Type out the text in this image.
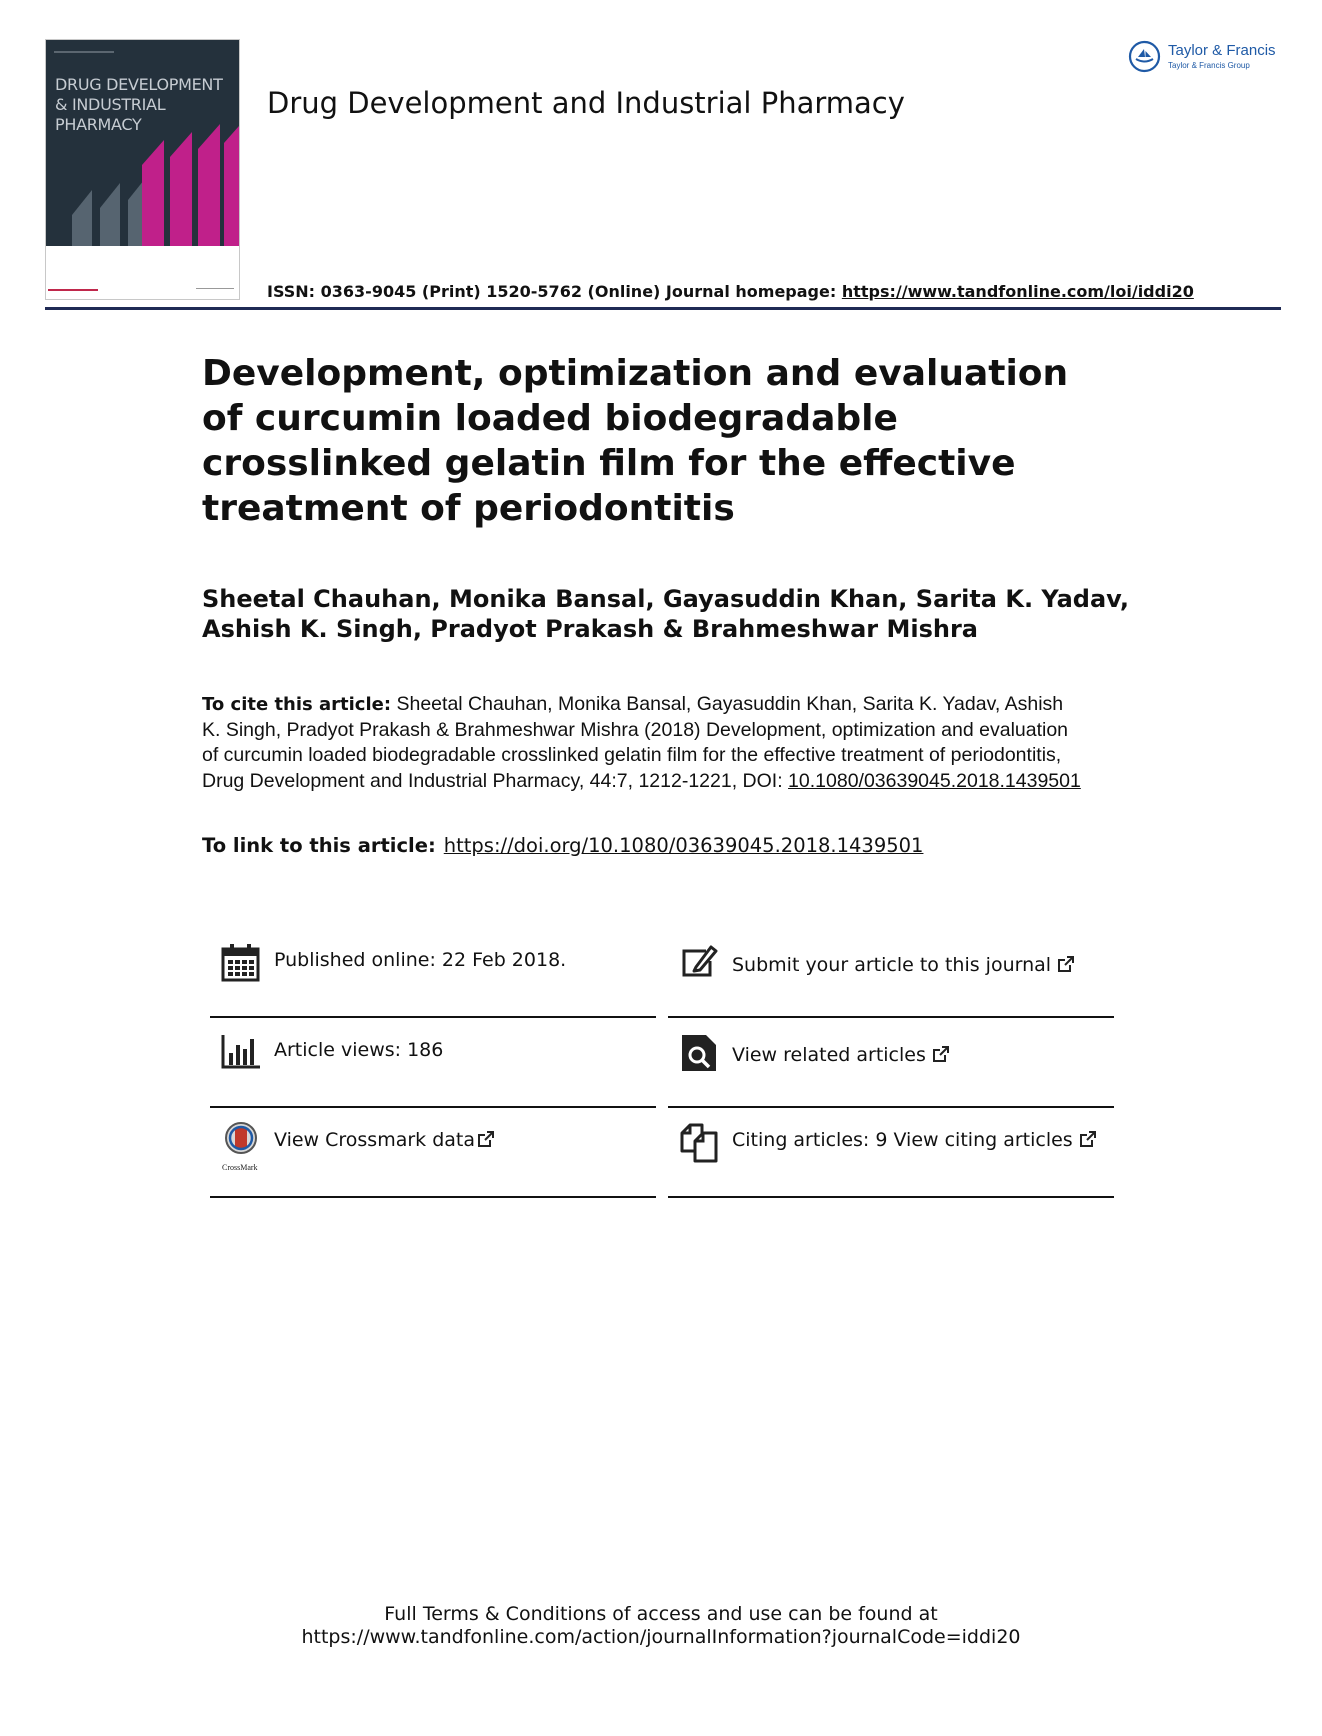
DRUG DEVELOPMENT
& INDUSTRIAL
PHARMACY
Drug Development and Industrial Pharmacy
Taylor & Francis
Taylor & Francis Group
ISSN: 0363-9045 (Print) 1520-5762 (Online) Journal homepage: https://www.tandfonline.com/loi/iddi20
Development, optimization and evaluation of curcumin loaded biodegradable crosslinked gelatin film for the effective treatment of periodontitis
Sheetal Chauhan, Monika Bansal, Gayasuddin Khan, Sarita K. Yadav, Ashish K. Singh, Pradyot Prakash & Brahmeshwar Mishra
To cite this article: Sheetal Chauhan, Monika Bansal, Gayasuddin Khan, Sarita K. Yadav, Ashish K. Singh, Pradyot Prakash & Brahmeshwar Mishra (2018) Development, optimization and evaluation of curcumin loaded biodegradable crosslinked gelatin film for the effective treatment of periodontitis, Drug Development and Industrial Pharmacy, 44:7, 1212-1221, DOI: 10.1080/03639045.2018.1439501
To link to this article: https://doi.org/10.1080/03639045.2018.1439501
Published online: 22 Feb 2018.	Submit your article to this journal
Article views: 186	View related articles
CrossMark
View Crossmark data	Citing articles: 9 View citing articles
Full Terms & Conditions of access and use can be found at
https://www.tandfonline.com/action/journalInformation?journalCode=iddi20
